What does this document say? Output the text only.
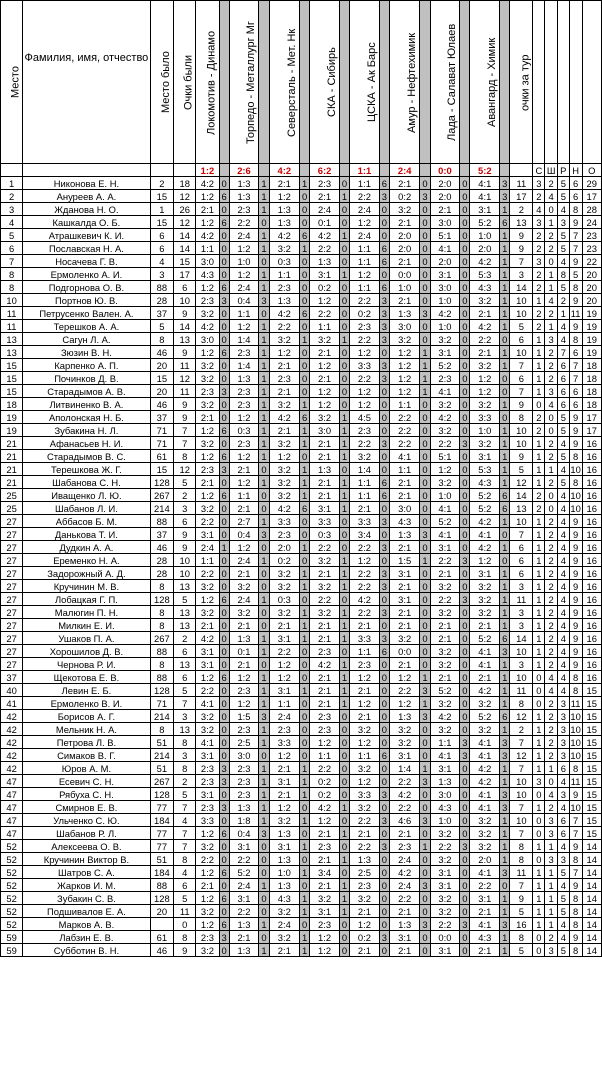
Место	Фамилия, имя, отчество	Место было	Очки были	Локомотив - Динамо		Торпедо - Металлург Мг		Северсталь - Мет. Нк		СКА - Сибирь		ЦСКА - Ак Барс		Амур - Нефтехимик		Лада - Салават Юлаев		Авангард - Химик		очки за тур					
				1:2		2:6		4:2		6:2		1:1		2:4		0:0		5:2			С	Ш	Р	Н	О
1	Никонова Е. Н.	2	18	4:2	0	1:3	1	2:1	1	2:3	0	1:1	6	2:1	0	2:0	0	4:1	3	11	3	2	5	6	29
2	Ануреев А. А.	15	12	1:2	6	1:3	1	1:2	0	2:1	1	2:2	3	0:2	3	2:0	0	4:1	3	17	2	4	5	6	17
3	Жданова Н. О.	1	26	2:1	0	2:3	1	1:3	0	2:4	0	2:4	0	3:2	0	2:1	0	3:1	1	2	4	0	4	8	28
4	Кашкалда О. Б.	15	12	1:2	6	2:2	0	1:3	0	0:1	0	1:2	0	2:1	0	3:0	0	5:2	6	13	3	1	3	9	24
5	Атрашкевич К. И.	6	14	4:2	0	2:4	1	4:2	6	4:2	1	2:4	0	2:0	0	5:1	0	1:0	1	9	2	2	5	7	23
6	Пославская Н. А.	6	14	1:1	0	1:2	1	3:2	1	2:2	0	1:1	6	2:0	0	4:1	0	2:0	1	9	2	2	5	7	23
7	Носачева Г. В.	4	15	3:0	0	1:0	0	0:3	0	1:3	0	1:1	6	2:1	0	2:0	0	4:2	1	7	3	0	4	9	22
8	Ермоленко А. И.	3	17	4:3	0	1:2	1	1:1	0	3:1	1	1:2	0	0:0	0	3:1	0	5:3	1	3	2	1	8	5	20
8	Подгорнова О. В.	88	6	1:2	6	2:4	1	2:3	0	0:2	0	1:1	6	1:0	0	3:0	0	4:3	1	14	2	1	5	8	20
10	Портнов Ю. В.	28	10	2:3	3	0:4	3	1:3	0	1:2	0	2:2	3	2:1	0	1:0	0	3:2	1	10	1	4	2	9	20
11	Петрусенко Вален. А.	37	9	3:2	0	1:1	0	4:2	6	2:2	0	0:2	3	1:3	3	4:2	0	2:1	1	10	2	2	1	11	19
11	Терешков А. А.	5	14	4:2	0	1:2	1	2:2	0	1:1	0	2:3	3	3:0	0	1:0	0	4:2	1	5	2	1	4	9	19
13	Сагун Л. А.	8	13	3:0	0	1:4	1	3:2	1	3:2	1	2:2	3	3:2	0	3:2	0	2:2	0	6	1	3	4	8	19
13	Зюзин В. Н.	46	9	1:2	6	2:3	1	1:2	0	2:1	0	1:2	0	1:2	1	3:1	0	2:1	1	10	1	2	7	6	19
15	Карпенко А. П.	20	11	3:2	0	1:4	1	2:1	0	1:2	0	3:3	3	1:2	1	5:2	0	3:2	1	7	1	2	6	7	18
15	Починков Д. В.	15	12	3:2	0	1:3	1	2:3	0	2:1	0	2:2	3	1:2	1	2:3	0	1:2	0	6	1	2	6	7	18
15	Старадымов А. В.	20	11	2:3	3	2:3	1	2:1	0	1:2	0	1:2	0	1:2	1	4:1	0	1:2	0	7	1	3	6	6	18
18	Литвиненко В. А.	46	9	3:2	0	2:3	1	3:2	1	1:2	0	1:2	0	1:1	0	3:2	0	3:2	1	9	0	4	6	6	18
19	Аполонская Н. Б.	37	9	2:1	0	1:2	1	4:2	6	3:2	1	4:5	0	2:2	0	4:2	0	3:3	0	8	2	0	5	9	17
19	Зубакина Н. Л.	71	7	1:2	6	0:3	1	2:1	1	3:0	1	2:3	0	2:2	0	3:2	0	1:0	1	10	2	0	5	9	17
21	Афанасьев Н. И.	71	7	3:2	0	2:3	1	3:2	1	2:1	1	2:2	3	2:2	0	2:2	3	3:2	1	10	1	2	4	9	16
21	Старадымов В. С.	61	8	1:2	6	1:2	1	1:2	0	2:1	1	3:2	0	4:1	0	5:1	0	3:1	1	9	1	2	5	8	16
21	Терешкова Ж. Г.	15	12	2:3	3	2:1	0	3:2	1	1:3	0	1:4	0	1:1	0	1:2	0	5:3	1	5	1	1	4	10	16
21	Шабанова С. Н.	128	5	2:1	0	1:2	1	3:2	1	2:1	1	1:1	6	2:1	0	3:2	0	4:3	1	12	1	2	5	8	16
25	Иващенко Л. Ю.	267	2	1:2	6	1:1	0	3:2	1	2:1	1	1:1	6	2:1	0	1:0	0	5:2	6	14	2	0	4	10	16
25	Шабанов Л. И.	214	3	3:2	0	2:1	0	4:2	6	3:1	1	2:1	0	3:0	0	4:1	0	5:2	6	13	2	0	4	10	16
27	Аббасов Б. М.	88	6	2:2	0	2:7	1	3:3	0	3:3	0	3:3	3	4:3	0	5:2	0	4:2	1	10	1	2	4	9	16
27	Данькова Т. И.	37	9	3:1	0	0:4	3	2:3	0	0:3	0	3:4	0	1:3	3	4:1	0	4:1	0	7	1	2	4	9	16
27	Дудкин А. А.	46	9	2:4	1	1:2	0	2:0	1	2:2	0	2:2	3	2:1	0	3:1	0	4:2	1	6	1	2	4	9	16
27	Еременко Н. А.	28	10	1:1	0	2:4	1	0:2	0	3:2	1	1:2	0	1:5	1	2:2	3	1:2	0	6	1	2	4	9	16
27	Задорожный А. Д.	28	10	2:2	0	2:1	0	3:2	1	2:1	1	2:2	3	3:1	0	2:1	0	3:1	1	6	1	2	4	9	16
27	Кручинин М. В.	8	13	3:2	0	3:2	0	3:2	1	3:2	1	2:2	3	2:1	0	3:2	0	3:2	1	3	1	2	4	9	16
27	Лобацкая Г. П.	128	5	1:2	6	2:4	1	0:3	0	2:2	0	4:2	0	3:1	0	2:2	3	3:2	1	11	1	2	4	9	16
27	Малюгин П. Н.	8	13	3:2	0	3:2	0	3:2	1	3:2	1	2:2	3	2:1	0	3:2	0	3:2	1	3	1	2	4	9	16
27	Милкин Е. И.	8	13	2:1	0	2:1	0	2:1	1	2:1	1	2:1	0	2:1	0	2:1	0	2:1	1	3	1	2	4	9	16
27	Ушаков П. А.	267	2	4:2	0	1:3	1	3:1	1	2:1	1	3:3	3	3:2	0	2:1	0	5:2	6	14	1	2	4	9	16
27	Хорошилов Д. В.	88	6	3:1	0	0:1	1	2:2	0	2:3	0	1:1	6	0:0	0	3:2	0	4:1	3	10	1	2	4	9	16
27	Чернова Р. И.	8	13	3:1	0	2:1	0	1:2	0	4:2	1	2:3	0	2:1	0	3:2	0	4:1	1	3	1	2	4	9	16
37	Щекотова Е. В.	88	6	1:2	6	1:2	1	1:2	0	2:1	1	1:2	0	1:2	1	2:1	0	2:1	1	10	0	4	4	8	16
40	Левин Е. Б.	128	5	2:2	0	2:3	1	3:1	1	2:1	1	2:1	0	2:2	3	5:2	0	4:2	1	11	0	4	4	8	15
41	Ермоленко В. И.	71	7	4:1	0	1:2	1	1:1	0	2:1	1	1:2	0	1:2	1	3:2	0	3:2	1	8	0	2	3	11	15
42	Борисов А. Г.	214	3	3:2	0	1:5	3	2:4	0	2:3	0	2:1	0	1:3	3	4:2	0	5:2	6	12	1	2	3	10	15
42	Мельник Н. А.	8	13	3:2	0	2:3	1	2:3	0	2:3	0	3:2	0	3:2	0	3:2	0	3:2	1	2	1	2	3	10	15
42	Петрова Л. В.	51	8	4:1	0	2:5	1	3:3	0	1:2	0	1:2	0	3:2	0	1:1	3	4:1	3	7	1	2	3	10	15
42	Симаков В. Г.	214	3	3:1	0	3:0	0	1:2	0	1:1	0	1:1	6	3:1	0	4:1	3	4:1	3	12	1	2	3	10	15
42	Юров А. М.	51	8	2:3	3	2:3	1	2:1	1	2:2	0	3:2	0	1:4	1	3:1	0	4:2	1	7	1	1	6	8	15
47	Есевич С. Н.	267	2	2:3	3	2:3	1	3:1	1	0:2	0	1:2	0	2:2	3	1:3	0	4:2	1	10	3	0	4	11	15
47	Рябуха С. Н.	128	5	3:1	0	2:3	1	2:1	1	0:2	0	3:3	3	4:2	0	3:0	0	4:1	3	10	0	4	3	9	15
47	Смирнов Е. В.	77	7	2:3	3	1:3	1	1:2	0	4:2	1	3:2	0	2:2	0	4:3	0	4:1	3	7	1	2	4	10	15
47	Ульченко С. Ю.	184	4	3:3	0	1:8	1	3:2	1	1:2	0	2:2	3	4:6	3	1:0	0	3:2	1	10	0	3	6	7	15
47	Шабанов Р. Л.	77	7	1:2	6	0:4	3	1:3	0	2:1	1	2:1	0	2:1	0	3:2	0	3:2	1	7	0	3	6	7	15
52	Алексеева О. В.	77	7	3:2	0	3:1	0	3:1	1	2:3	0	2:2	3	2:3	1	2:2	3	3:2	1	8	1	1	4	9	14
52	Кручинин Виктор В.	51	8	2:2	0	2:2	0	1:3	0	2:1	1	1:3	0	2:4	0	3:2	0	2:0	1	8	0	3	3	8	14
52	Шатров С. А.	184	4	1:2	6	5:2	0	1:0	1	3:4	0	2:5	0	4:2	0	3:1	0	4:1	3	11	1	1	5	7	14
52	Жарков И. М.	88	6	2:1	0	2:4	1	1:3	0	2:1	1	2:3	0	2:4	3	3:1	0	2:2	0	7	1	1	4	9	14
52	Зубакин С. В.	128	5	1:2	6	3:1	0	4:3	1	3:2	1	3:2	0	2:2	0	3:2	0	3:1	1	9	1	1	5	8	14
52	Подшивалов Е. А.	20	11	3:2	0	2:2	0	3:2	1	3:1	1	2:1	0	2:1	0	3:2	0	2:1	1	5	1	1	5	8	14
52	Марков А. В.		0	1:2	6	1:3	1	2:4	0	2:3	0	1:2	0	1:3	3	2:2	3	4:1	3	16	1	1	4	8	14
59	Лабзин Е. В.	61	8	2:3	3	2:1	0	3:2	1	1:2	0	0:2	3	3:1	0	0:0	0	4:3	1	8	0	2	4	9	14
59	Субботин В. Н.	46	9	3:2	0	1:3	1	2:1	1	1:2	0	2:1	0	2:1	0	3:1	0	2:1	1	5	0	3	5	8	14
